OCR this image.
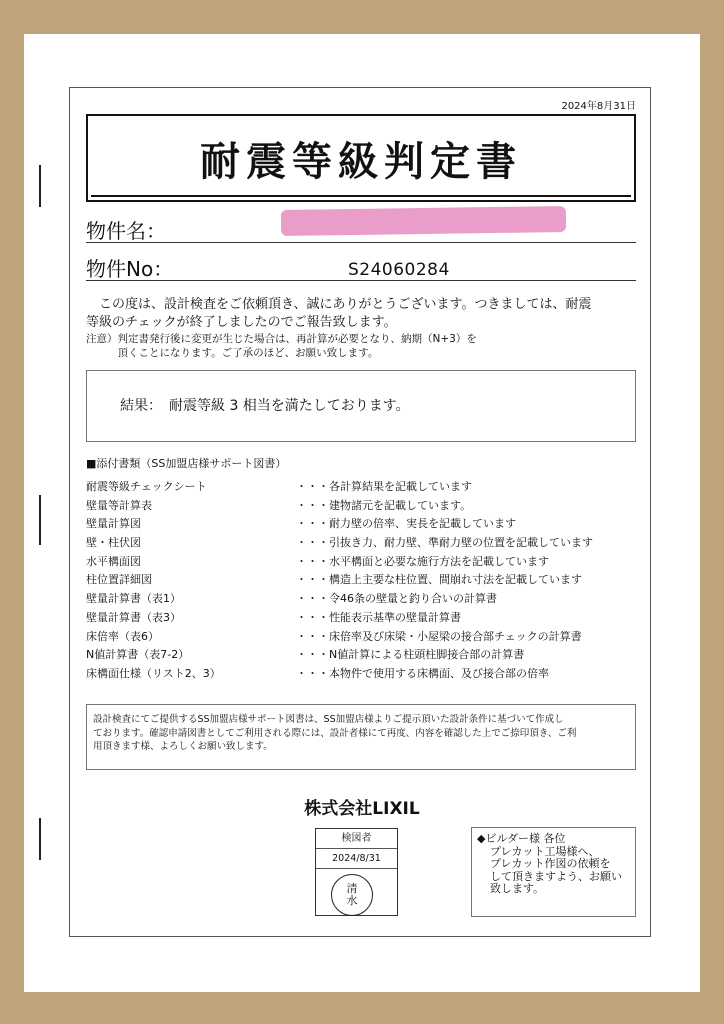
2024年8月31日
耐震等級判定書
物件名：
物件No：	S24060284
　この度は、設計検査をご依頼頂き、誠にありがとうございます。つきましては、耐震
等級のチェックが終了しましたのでご報告致します。
注意）判定書発行後に変更が生じた場合は、再計算が必要となり、納期（N+3）を
　　　頂くことになります。ご了承のほど、お願い致します。
結果：　耐震等級 3 相当を満たしております。
■添付書類（SS加盟店様サポート図書）
耐震等級チェックシート	・・・各計算結果を記載しています
壁量等計算表	・・・建物諸元を記載しています。
壁量計算図	・・・耐力壁の倍率、実長を記載しています
壁・柱伏図	・・・引抜き力、耐力壁、準耐力壁の位置を記載しています
水平構面図	・・・水平構面と必要な施行方法を記載しています
柱位置詳細図	・・・構造上主要な柱位置、間崩れ寸法を記載しています
壁量計算書（表1）	・・・令46条の壁量と釣り合いの計算書
壁量計算書（表3）	・・・性能表示基準の壁量計算書
床倍率（表6）	・・・床倍率及び床梁・小屋梁の接合部チェックの計算書
N値計算書（表7-2）	・・・N値計算による柱頭柱脚接合部の計算書
床構面仕様（リスト2、3）	・・・本物件で使用する床構面、及び接合部の倍率
設計検査にてご提供するSS加盟店様サポート図書は、SS加盟店様よりご提示頂いた設計条件に基づいて作成し
ております。確認申請図書としてご利用される際には、設計者様にて再度、内容を確認した上でご捺印頂き、ご利
用頂きます様、よろしくお願い致します。
株式会社LIXIL
検図者
2024/8/31
清
水
◆ビルダー様 各位
プレカット工場様へ、
プレカット作図の依頼を
して頂きますよう、お願い
致します。
